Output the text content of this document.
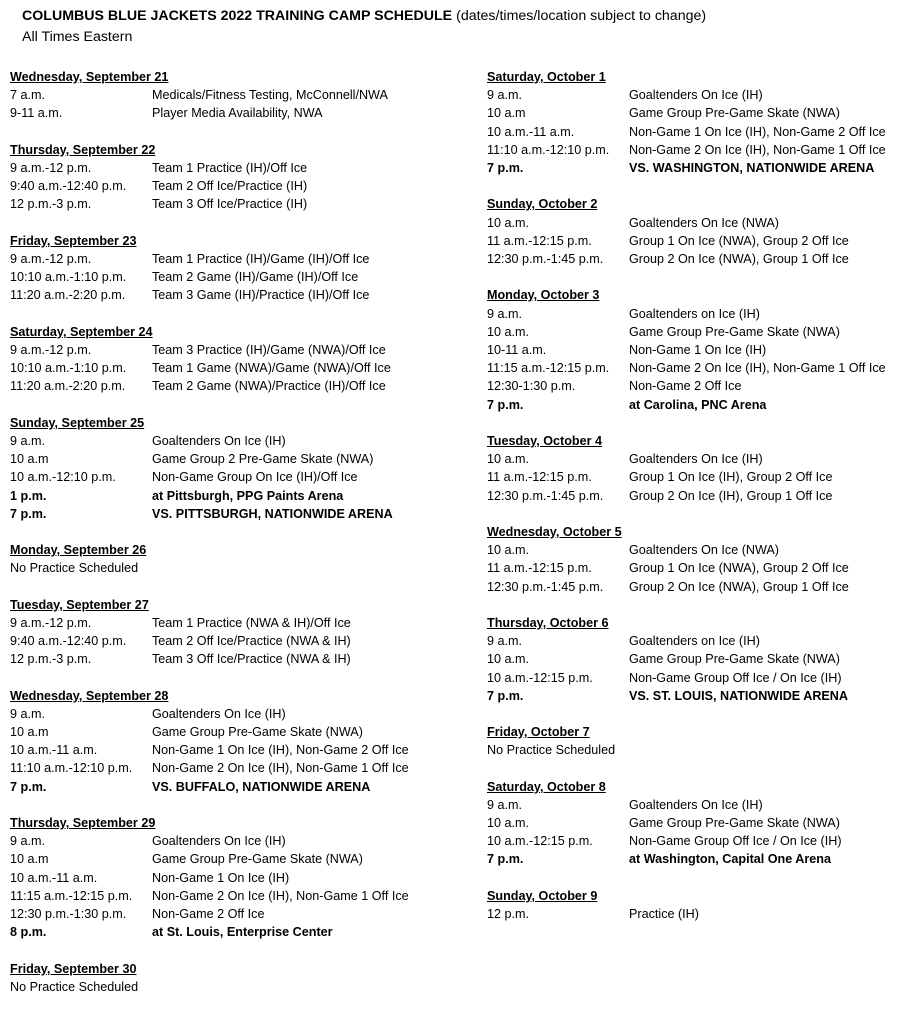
COLUMBUS BLUE JACKETS 2022 TRAINING CAMP SCHEDULE (dates/times/location subject to change)
All Times Eastern
Wednesday, September 21
7 a.m.	Medicals/Fitness Testing, McConnell/NWA
9-11 a.m.	Player Media Availability, NWA
Thursday, September 22
9 a.m.-12 p.m.	Team 1 Practice (IH)/Off Ice
9:40 a.m.-12:40 p.m.	Team 2 Off Ice/Practice (IH)
12 p.m.-3 p.m.	Team 3 Off Ice/Practice (IH)
Friday, September 23
9 a.m.-12 p.m.	Team 1 Practice (IH)/Game (IH)/Off Ice
10:10 a.m.-1:10 p.m.	Team 2 Game (IH)/Game (IH)/Off Ice
11:20 a.m.-2:20 p.m.	Team 3 Game (IH)/Practice (IH)/Off Ice
Saturday, September 24
9 a.m.-12 p.m.	Team 3 Practice (IH)/Game (NWA)/Off Ice
10:10 a.m.-1:10 p.m.	Team 1 Game (NWA)/Game (NWA)/Off Ice
11:20 a.m.-2:20 p.m.	Team 2 Game (NWA)/Practice (IH)/Off Ice
Sunday, September 25
9 a.m.	Goaltenders On Ice (IH)
10 a.m	Game Group 2 Pre-Game Skate (NWA)
10 a.m.-12:10 p.m.	Non-Game Group On Ice (IH)/Off Ice
1 p.m.	at Pittsburgh, PPG Paints Arena
7 p.m.	VS. PITTSBURGH, NATIONWIDE ARENA
Monday, September 26
No Practice Scheduled
Tuesday, September 27
9 a.m.-12 p.m.	Team 1 Practice (NWA & IH)/Off Ice
9:40 a.m.-12:40 p.m.	Team 2 Off Ice/Practice (NWA & IH)
12 p.m.-3 p.m.	Team 3 Off Ice/Practice (NWA & IH)
Wednesday, September 28
9 a.m.	Goaltenders On Ice (IH)
10 a.m	Game Group Pre-Game Skate (NWA)
10 a.m.-11 a.m.	Non-Game 1 On Ice (IH), Non-Game 2 Off Ice
11:10 a.m.-12:10 p.m.	Non-Game 2 On Ice (IH), Non-Game 1 Off Ice
7 p.m.	VS. BUFFALO, NATIONWIDE ARENA
Thursday, September 29
9 a.m.	Goaltenders On Ice (IH)
10 a.m	Game Group Pre-Game Skate (NWA)
10 a.m.-11 a.m.	Non-Game 1 On Ice (IH)
11:15 a.m.-12:15 p.m.	Non-Game 2 On Ice (IH), Non-Game 1 Off Ice
12:30 p.m.-1:30 p.m.	Non-Game 2 Off Ice
8 p.m.	at St. Louis, Enterprise Center
Friday, September 30
No Practice Scheduled
Saturday, October 1
9 a.m.	Goaltenders On Ice (IH)
10 a.m	Game Group Pre-Game Skate (NWA)
10 a.m.-11 a.m.	Non-Game 1 On Ice (IH), Non-Game 2 Off Ice
11:10 a.m.-12:10 p.m.	Non-Game 2 On Ice (IH), Non-Game 1 Off Ice
7 p.m.	VS. WASHINGTON, NATIONWIDE ARENA
Sunday, October 2
10 a.m.	Goaltenders On Ice (NWA)
11 a.m.-12:15 p.m.	Group 1 On Ice (NWA), Group 2 Off Ice
12:30 p.m.-1:45 p.m.	Group 2 On Ice (NWA), Group 1 Off Ice
Monday, October 3
9 a.m.	Goaltenders on Ice (IH)
10 a.m.	Game Group Pre-Game Skate (NWA)
10-11 a.m.	Non-Game 1 On Ice (IH)
11:15 a.m.-12:15 p.m.	Non-Game 2 On Ice (IH), Non-Game 1 Off Ice
12:30-1:30 p.m.	Non-Game 2 Off Ice
7 p.m.	at Carolina, PNC Arena
Tuesday, October 4
10 a.m.	Goaltenders On Ice (IH)
11 a.m.-12:15 p.m.	Group 1 On Ice (IH), Group 2 Off Ice
12:30 p.m.-1:45 p.m.	Group 2 On Ice (IH), Group 1 Off Ice
Wednesday, October 5
10 a.m.	Goaltenders On Ice (NWA)
11 a.m.-12:15 p.m.	Group 1 On Ice (NWA), Group 2 Off Ice
12:30 p.m.-1:45 p.m.	Group 2 On Ice (NWA), Group 1 Off Ice
Thursday, October 6
9 a.m.	Goaltenders on Ice (IH)
10 a.m.	Game Group Pre-Game Skate (NWA)
10 a.m.-12:15 p.m.	Non-Game Group Off Ice / On Ice (IH)
7 p.m.	VS. ST. LOUIS, NATIONWIDE ARENA
Friday, October 7
No Practice Scheduled
Saturday, October 8
9 a.m.	Goaltenders On Ice (IH)
10 a.m.	Game Group Pre-Game Skate (NWA)
10 a.m.-12:15 p.m.	Non-Game Group Off Ice / On Ice (IH)
7 p.m.	at Washington, Capital One Arena
Sunday, October 9
12 p.m.	Practice (IH)
